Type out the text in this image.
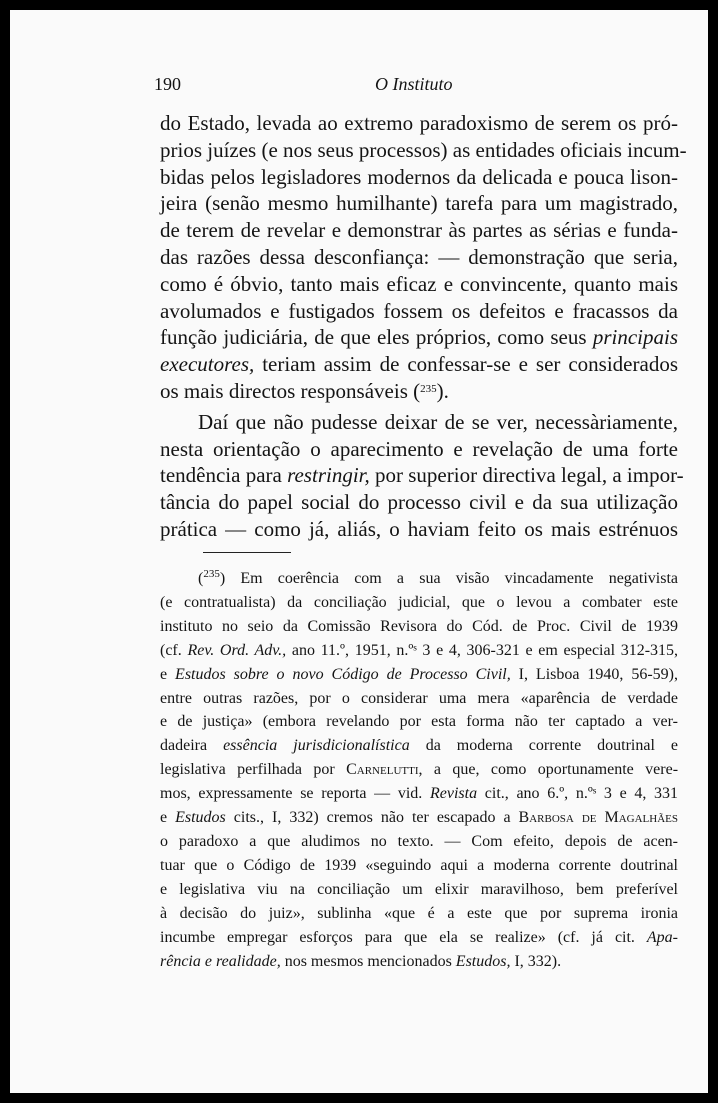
190	O Instituto
do Estado, levada ao extremo paradoxismo de serem os pró-
prios juízes (e nos seus processos) as entidades oficiais incum-
bidas pelos legisladores modernos da delicada e pouca lison-
jeira (senão mesmo humilhante) tarefa para um magistrado,
de terem de revelar e demonstrar às partes as sérias e funda-
das razões dessa desconfiança: — demonstração que seria,
como é óbvio, tanto mais eficaz e convincente, quanto mais
avolumados e fustigados fossem os defeitos e fracassos da
função judiciária, de que eles próprios, como seus principais
executores, teriam assim de confessar-se e ser considerados
os mais directos responsáveis ($^{235}$).
Daí que não pudesse deixar de se ver, necessàriamente,
nesta orientação o aparecimento e revelação de uma forte
tendência para restringir, por superior directiva legal, a impor-
tância do papel social do processo civil e da sua utilização
prática — como já, aliás, o haviam feito os mais estrénuos
($^{235}$) Em coerência com a sua visão vincadamente negativista
(e contratualista) da conciliação judicial, que o levou a combater este
instituto no seio da Comissão Revisora do Cód. de Proc. Civil de 1939
(cf. Rev. Ord. Adv., ano 11.º, 1951, n.ºˢ 3 e 4, 306-321 e em especial 312-315,
e Estudos sobre o novo Código de Processo Civil, I, Lisboa 1940, 56-59),
entre outras razões, por o considerar uma mera «aparência de verdade
e de justiça» (embora revelando por esta forma não ter captado a ver-
dadeira essência jurisdicionalística da moderna corrente doutrinal e
legislativa perfilhada por Carnelutti, a que, como oportunamente vere-
mos, expressamente se reporta — vid. Revista cit., ano 6.º, n.ºˢ 3 e 4, 331
e Estudos cits., I, 332) cremos não ter escapado a Barbosa de Magalhães
o paradoxo a que aludimos no texto. — Com efeito, depois de acen-
tuar que o Código de 1939 «seguindo aqui a moderna corrente doutrinal
e legislativa viu na conciliação um elixir maravilhoso, bem preferível
à decisão do juiz», sublinha «que é a este que por suprema ironia
incumbe empregar esforços para que ela se realize» (cf. já cit. Apa-
rência e realidade, nos mesmos mencionados Estudos, I, 332).
